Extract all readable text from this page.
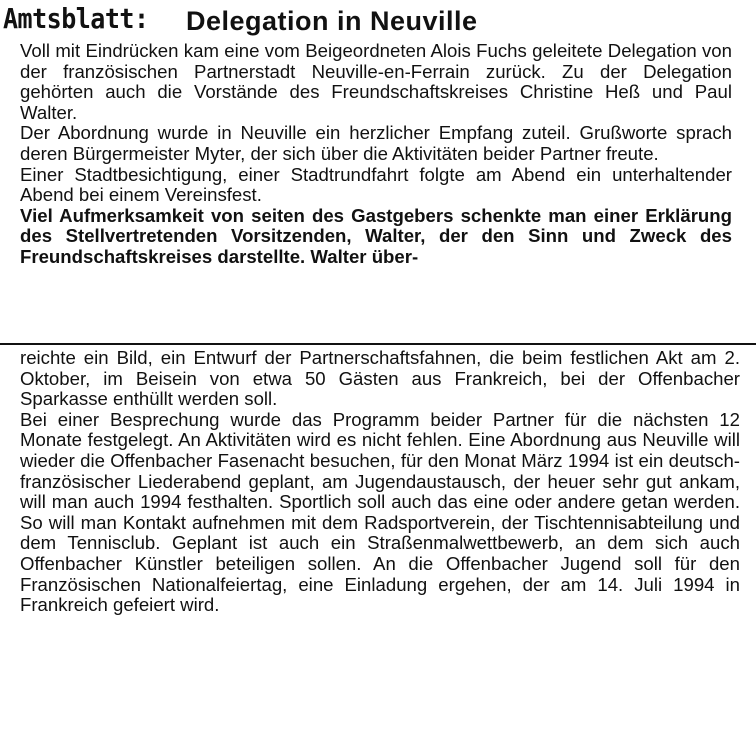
Amtsblatt: Delegation in Neuville

Voll mit Eindrücken kam eine vom Beigeordneten Alois Fuchs geleitete Delegation von der französischen Partnerstadt Neuville-en-Ferrain zurück. Zu der Delegation gehörten auch die Vorstände des Freundschaftskreises Christine Heß und Paul Walter.

Der Abordnung wurde in Neuville ein herzlicher Empfang zuteil. Grußworte sprach deren Bürgermeister Myter, der sich über die Aktivitäten beider Partner freute.

Einer Stadtbesichtigung, einer Stadtrundfahrt folgte am Abend ein unterhaltender Abend bei einem Vereinsfest.

Viel Aufmerksamkeit von seiten des Gastgebers schenkte man einer Erklärung des Stellvertretenden Vorsitzenden, Walter, der den Sinn und Zweck des Freundschaftskreises darstellte. Walter über-

reichte ein Bild, ein Entwurf der Partnerschaftsfahnen, die beim festlichen Akt am 2. Oktober, im Beisein von etwa 50 Gästen aus Frankreich, bei der Offenbacher Sparkasse enthüllt werden soll.

Bei einer Besprechung wurde das Programm beider Partner für die nächsten 12 Monate festgelegt. An Aktivitäten wird es nicht fehlen. Eine Abordnung aus Neuville will wieder die Offenbacher Fasenacht besuchen, für den Monat März 1994 ist ein deutsch-französischer Liederabend geplant, am Jugendaustausch, der heuer sehr gut ankam, will man auch 1994 festhalten. Sportlich soll auch das eine oder andere getan werden. So will man Kontakt aufnehmen mit dem Radsportverein, der Tischtennisabteilung und dem Tennisclub. Geplant ist auch ein Straßenmalwettbewerb, an dem sich auch Offenbacher Künstler beteiligen sollen. An die Offenbacher Jugend soll für den Französischen Nationalfeiertag, eine Einladung ergehen, der am 14. Juli 1994 in Frankreich gefeiert wird.
